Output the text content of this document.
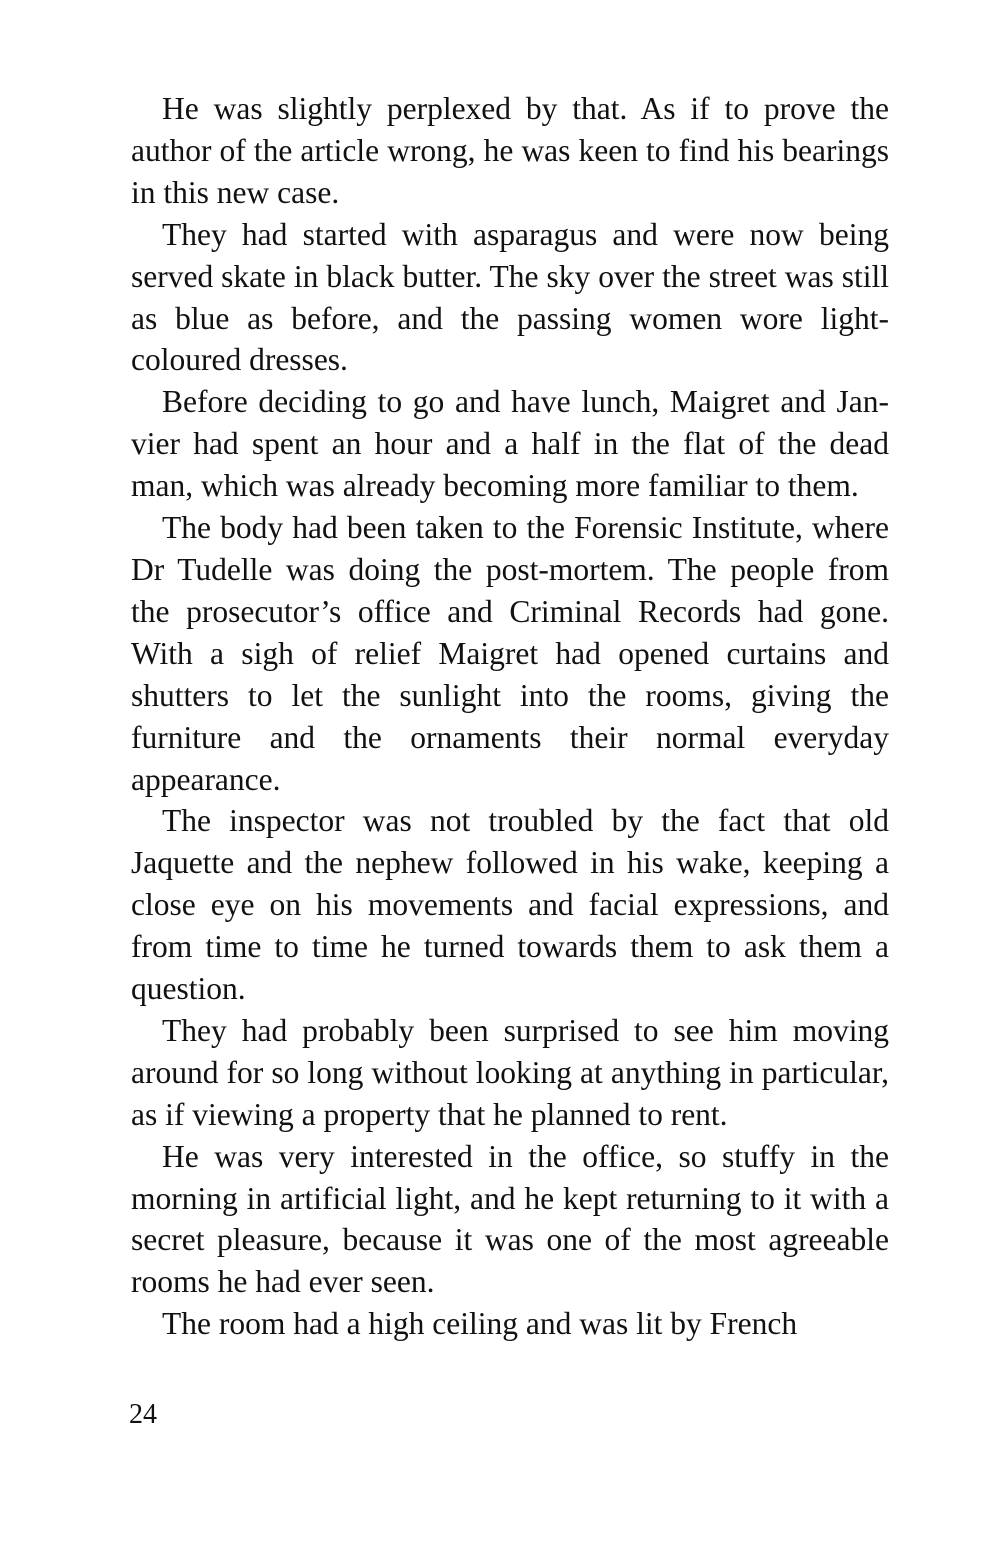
He was slightly perplexed by that. As if to prove the author of the article wrong, he was keen to find his bearings in this new case.

They had started with asparagus and were now being served skate in black butter. The sky over the street was still as blue as before, and the passing women wore light-coloured dresses.

Before deciding to go and have lunch, Maigret and Janvier had spent an hour and a half in the flat of the dead man, which was already becoming more familiar to them.

The body had been taken to the Forensic Institute, where Dr Tudelle was doing the post-mortem. The people from the prosecutor’s office and Criminal Records had gone. With a sigh of relief Maigret had opened curtains and shutters to let the sunlight into the rooms, giving the furniture and the ornaments their normal everyday appearance.

The inspector was not troubled by the fact that old Jaquette and the nephew followed in his wake, keeping a close eye on his movements and facial expressions, and from time to time he turned towards them to ask them a question.

They had probably been surprised to see him moving around for so long without looking at anything in particular, as if viewing a property that he planned to rent.

He was very interested in the office, so stuffy in the morning in artificial light, and he kept returning to it with a secret pleasure, because it was one of the most agreeable rooms he had ever seen.

The room had a high ceiling and was lit by French

24
